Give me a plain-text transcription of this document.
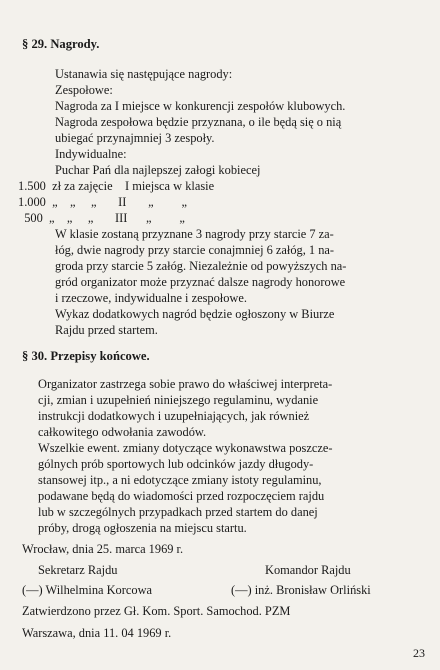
§ 29. Nagrody.
Ustanawia się następujące nagrody:
Zespołowe:
Nagroda za I miejsce w konkurencji zespołów klubowych.
Nagroda zespołowa będzie przyznana, o ile będą się o nią
ubiegać przynajmniej 3 zespoły.
Indywidualne:
Puchar Pań dla najlepszej załogi kobiecej
1.500  zł za zajęcie    I miejsca w klasie
1.000  „    „     „       II       „         „
500  „    „     „       III      „         „
W klasie zostaną przyznane 3 nagrody przy starcie 7 za-
łóg, dwie nagrody przy starcie conajmniej 6 załóg, 1 na-
groda przy starcie 5 załóg. Niezależnie od powyższych na-
gród organizator może przyznać dalsze nagrody honorowe
i rzeczowe, indywidualne i zespołowe.
Wykaz dodatkowych nagród będzie ogłoszony w Biurze
Rajdu przed startem.
§ 30. Przepisy końcowe.
Organizator zastrzega sobie prawo do właściwej interpreta-
cji, zmian i uzupełnień niniejszego regulaminu, wydanie
instrukcji dodatkowych i uzupełniających, jak również
całkowitego odwołania zawodów.
Wszelkie ewent. zmiany dotyczące wykonawstwa poszcze-
gólnych prób sportowych lub odcinków jazdy długody-
stansowej itp., a ni edotyczące zmiany istoty regulaminu,
podawane będą do wiadomości przed rozpoczęciem rajdu
lub w szczególnych przypadkach przed startem do danej
próby, drogą ogłoszenia na miejscu startu.
Wrocław, dnia 25. marca 1969 r.
Sekretarz Rajdu	Komandor Rajdu
(—) Wilhelmina Korcowa	(—) inż. Bronisław Orliński
Zatwierdzono przez Gł. Kom. Sport. Samochod. PZM
Warszawa, dnia 11. 04 1969 r.
23
